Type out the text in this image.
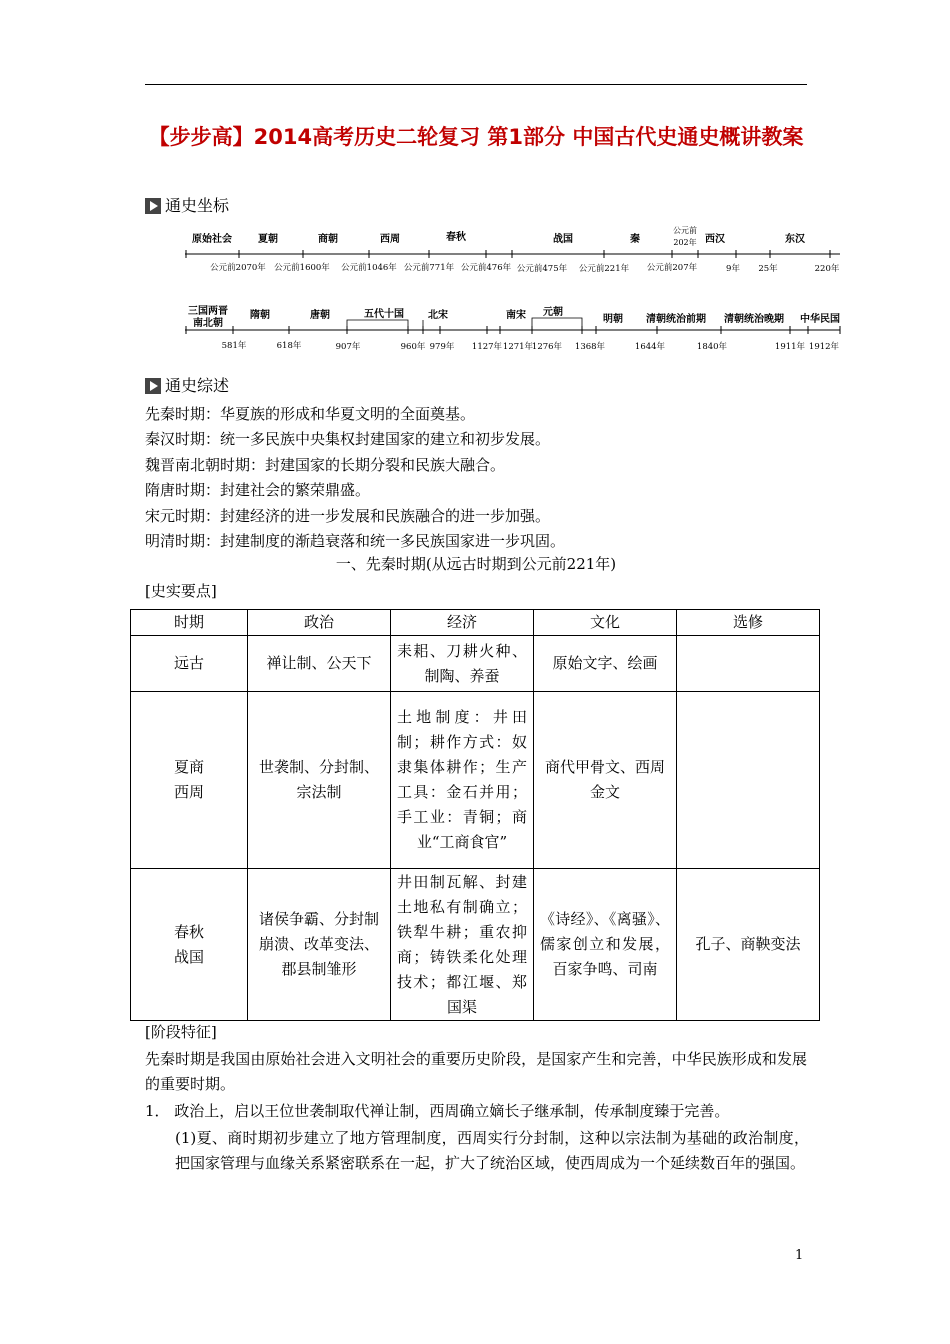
【步步高】2014高考历史二轮复习 第1部分 中国古代史通史概讲教案
通史坐标
原始社会	夏朝	商朝	西周	春秋	战国	秦	西汉	东汉
公元前
202年
公元前2070年 公元前1600年 公元前1046年 公元前771年 公元前476年 公元前475年 公元前221年 公元前207年	9年 25年	220年
三国两晋
南北朝
隋朝	唐朝	五代十国 北宋	南宋 元朝
明朝 清朝统治前期 清朝统治晚期 中华民国
581年	618年	907年	960年 979年 1127年 1271年
1276年 1368年	1644年	1840年	1911年 1912年
通史综述
先秦时期：华夏族的形成和华夏文明的全面奠基。
秦汉时期：统一多民族中央集权封建国家的建立和初步发展。
魏晋南北朝时期：封建国家的长期分裂和民族大融合。
隋唐时期：封建社会的繁荣鼎盛。
宋元时期：封建经济的进一步发展和民族融合的进一步加强。
明清时期：封建制度的渐趋衰落和统一多民族国家进一步巩固。
一、先秦时期(从远古时期到公元前221年)
[史实要点]
时期	政治	经济	文化	选修
远古	禅让制、公天下	耒耜、刀耕火种、制陶、养蚕	原始文字、绘画	

夏商
西周	世袭制、分封制、宗法制	土地制度：井田制；耕作方式：奴隶集体耕作；生产工具：金石并用；手工业：青铜；商业“工商食官”	商代甲骨文、西周金文	

春秋
战国	诸侯争霸、分封制崩溃、改革变法、郡县制雏形	井田制瓦解、封建土地私有制确立；铁犁牛耕；重农抑商；铸铁柔化处理技术；都江堰、郑国渠	《诗经》、《离骚》、儒家创立和发展，百家争鸣、司南	孔子、商鞅变法
[阶段特征]
先秦时期是我国由原始社会进入文明社会的重要历史阶段，是国家产生和完善，中华民族形成和发展的重要时期。
1． 政治上，启以王位世袭制取代禅让制，西周确立嫡长子继承制，传承制度臻于完善。
(1)夏、商时期初步建立了地方管理制度，西周实行分封制，这种以宗法制为基础的政治制度，把国家管理与血缘关系紧密联系在一起，扩大了统治区域，使西周成为一个延续数百年的强国。
1
